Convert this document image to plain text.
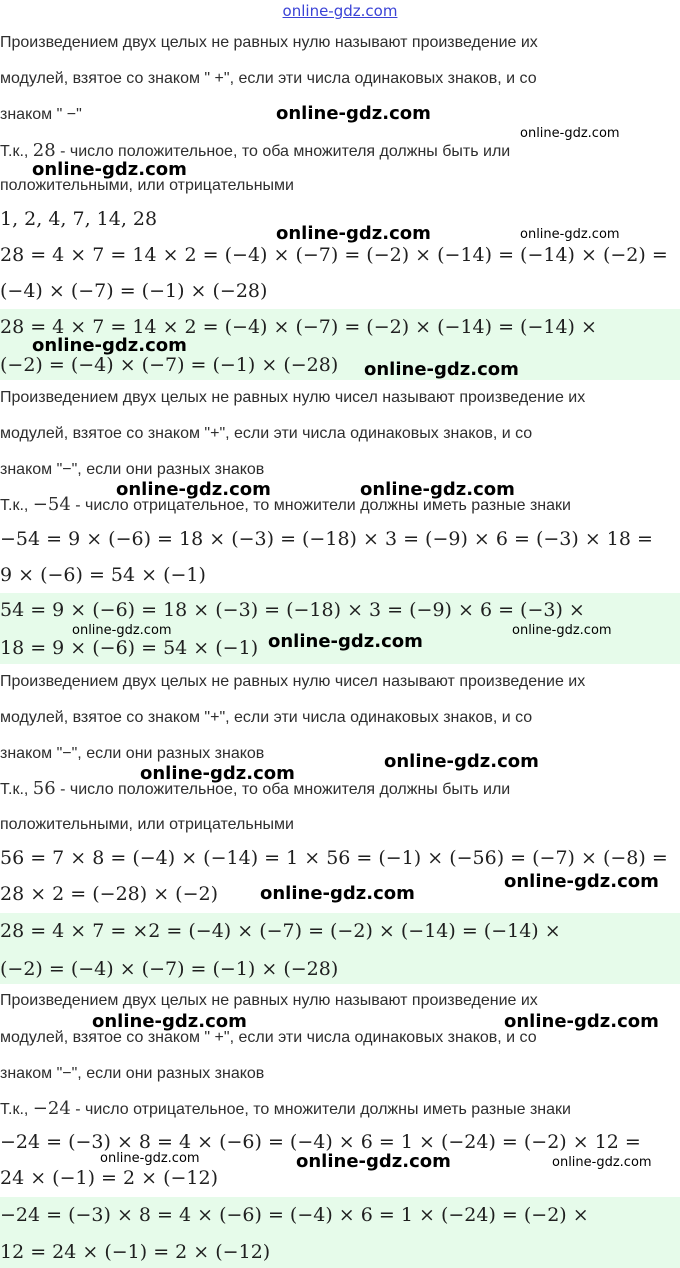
online-gdz.com
Произведением двух целых не равных нулю называют произведение их
модулей, взятое со знаком " +", если эти числа одинаковых знаков, и со
знаком " −"
Т.к., 28 - число положительное, то оба множителя должны быть или
положительными, или отрицательными
1, 2, 4, 7, 14, 28
28 = 4 × 7 = 14 × 2 = (−4) × (−7) = (−2) × (−14) = (−14) × (−2) =
(−4) × (−7) = (−1) × (−28)
28 = 4 × 7 = 14 × 2 = (−4) × (−7) = (−2) × (−14) = (−14) ×
(−2) = (−4) × (−7) = (−1) × (−28)
Произведением двух целых не равных нулю чисел называют произведение их
модулей, взятое со знаком "+", если эти числа одинаковых знаков, и со
знаком "−", если они разных знаков
Т.к., −54 - число отрицательное, то множители должны иметь разные знаки
−54 = 9 × (−6) = 18 × (−3) = (−18) × 3 = (−9) × 6 = (−3) × 18 =
9 × (−6) = 54 × (−1)
54 = 9 × (−6) = 18 × (−3) = (−18) × 3 = (−9) × 6 = (−3) ×
18 = 9 × (−6) = 54 × (−1)
Произведением двух целых не равных нулю чисел называют произведение их
модулей, взятое со знаком "+", если эти числа одинаковых знаков, и со
знаком "−", если они разных знаков
Т.к., 56 - число положительное, то оба множителя должны быть или
положительными, или отрицательными
56 = 7 × 8 = (−4) × (−14) = 1 × 56 = (−1) × (−56) = (−7) × (−8) =
28 × 2 = (−28) × (−2)
28 = 4 × 7 = ×2 = (−4) × (−7) = (−2) × (−14) = (−14) ×
(−2) = (−4) × (−7) = (−1) × (−28)
Произведением двух целых не равных нулю называют произведение их
модулей, взятое со знаком " +", если эти числа одинаковых знаков, и со
знаком "−", если они разных знаков
Т.к., −24 - число отрицательное, то множители должны иметь разные знаки
−24 = (−3) × 8 = 4 × (−6) = (−4) × 6 = 1 × (−24) = (−2) × 12 =
24 × (−1) = 2 × (−12)
−24 = (−3) × 8 = 4 × (−6) = (−4) × 6 = 1 × (−24) = (−2) ×
12 = 24 × (−1) = 2 × (−12)
online-gdz.com
online-gdz.com
online-gdz.com
online-gdz.com	online-gdz.com
online-gdz.com
online-gdz.com
online-gdz.com	online-gdz.com
online-gdz.com
online-gdz.com
online-gdz.com
online-gdz.com
online-gdz.com
online-gdz.com
online-gdz.com
online-gdz.com	online-gdz.com
online-gdz.com	online-gdz.com	online-gdz.com
